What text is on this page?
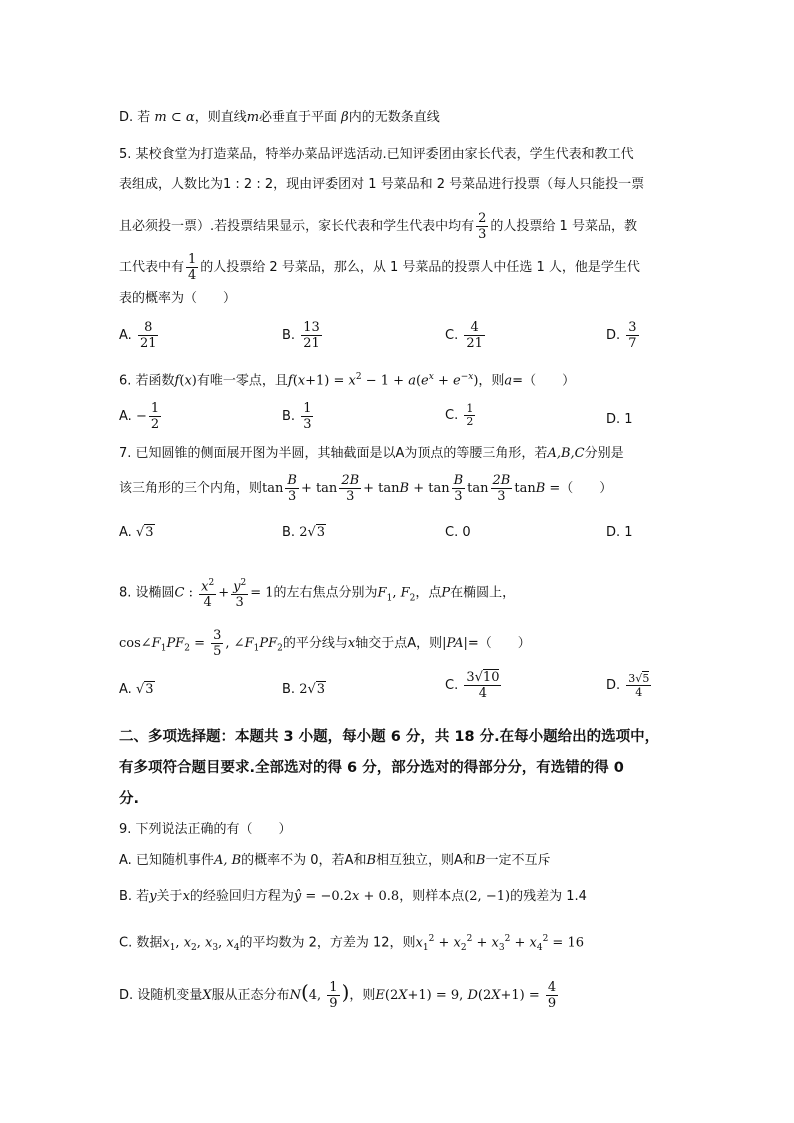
D. 若 m ⊂ α，则直线m必垂直于平面 β内的无数条直线
5. 某校食堂为打造菜品，特举办菜品评选活动.已知评委团由家长代表，学生代表和教工代
表组成，人数比为1 : 2 : 2，现由评委团对 1 号菜品和 2 号菜品进行投票（每人只能投一票
且必须投一票）.若投票结果显示，家长代表和学生代表中均有 $\frac{2}{3}$ 的人投票给 1 号菜品，教
工代表中有 $\frac{1}{4}$ 的人投票给 2 号菜品，那么，从 1 号菜品的投票人中任选 1 人，他是学生代
表的概率为（　　）
A. $\frac{8}{21}$	B. $\frac{13}{21}$	C. $\frac{4}{21}$	D. $\frac{3}{7}$
6. 若函数f(x)有唯一零点，且$f(x+1) = x^2 - 1 + a(e^x + e^{-x})$，则a=（　　）
A. − $\frac{1}{2}$	B. $\frac{1}{3}$	C. $\frac{1}{2}$	D. 1
7. 已知圆锥的侧面展开图为半圆，其轴截面是以A为顶点的等腰三角形，若A,B,C分别是
该三角形的三个内角，则$\tan \frac{B}{3} + \tan \frac{2B}{3} + \tan B + \tan \frac{B}{3}$ $\tan \frac{2B}{3}$ tanB =（　　）
A. √3	B. 2√3	C. 0	D. 1
8. 设椭圆C : $\frac{x^2}{4} + \frac{y^2}{3} = 1$的左右焦点分别为$F_1$, $F_2$，点P在椭圆上，
$\cos\angle F_1PF_2 = \frac{3}{5}$ , $\angle F_1PF_2$的平分线与x轴交于点A，则|PA|=（　　）
A. √3	B. 2√3	C. $\frac{3√10}{4}$	D. $\frac{3√5}{4}$
二、多项选择题：本题共 3 小题，每小题 6 分，共 18 分.在每小题给出的选项中，
有多项符合题目要求.全部选对的得 6 分，部分选对的得部分分，有选错的得 0
分.
9. 下列说法正确的有（　　）
A. 已知随机事件A, B的概率不为 0，若A和B相互独立，则A和B一定不互斥
B. 若y关于x的经验回归方程为ŷ = −0.2x + 0.8，则样本点(2, −1)的残差为 1.4
C. 数据$x_1$, $x_2$, $x_3$, $x_4$的平均数为 2，方差为 12，则$x_1^2 + x_2^2 + x_3^2 + x_4^2 = 16$
D. 设随机变量X服从正态分布N(4, $\frac{1}{9}$ )，则E(2X+1) = 9, $D(2X+1) = \frac{4}{9}$
